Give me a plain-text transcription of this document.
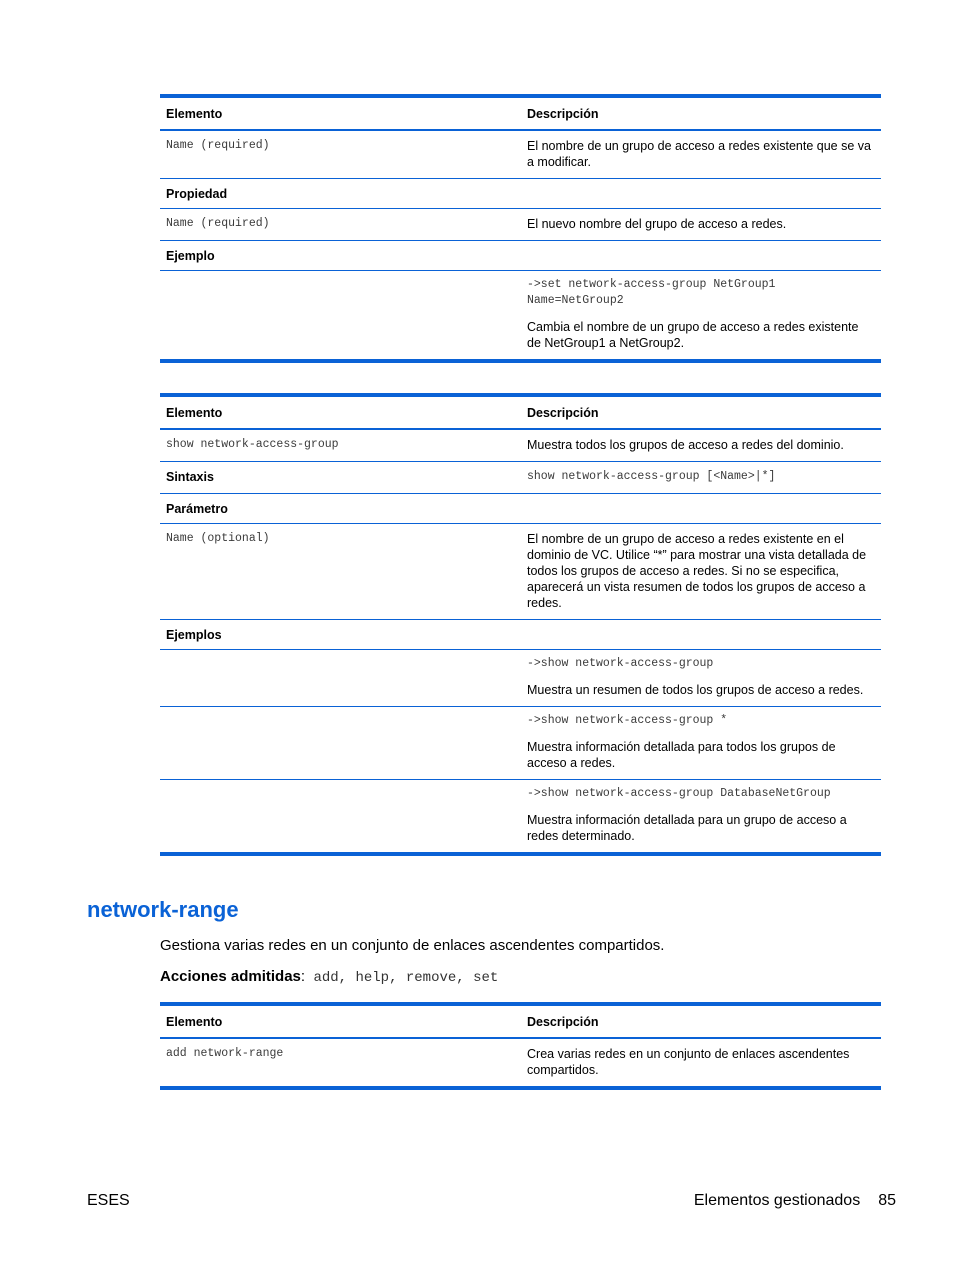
Elemento	Descripción
Name (required)	El nombre de un grupo de acceso a redes existente que se va a modificar.
Propiedad	
Name (required)	El nuevo nombre del grupo de acceso a redes.
Ejemplo	

	->set network-access-group NetGroup1 Name=NetGroup2
Cambia el nombre de un grupo de acceso a redes existente de NetGroup1 a NetGroup2.
Elemento	Descripción
show network-access-group	Muestra todos los grupos de acceso a redes del dominio.
Sintaxis	show network-access-group [<Name>|*]
Parámetro	
Name (optional)	El nombre de un grupo de acceso a redes existente en el dominio de VC. Utilice “*” para mostrar una vista detallada de todos los grupos de acceso a redes. Si no se especifica, aparecerá un vista resumen de todos los grupos de acceso a redes.
Ejemplos	

	->show network-access-group
Muestra un resumen de todos los grupos de acceso a redes.

	->show network-access-group *
Muestra información detallada para todos los grupos de acceso a redes.

	->show network-access-group DatabaseNetGroup
Muestra información detallada para un grupo de acceso a redes determinado.
network-range
Gestiona varias redes en un conjunto de enlaces ascendentes compartidos.
Acciones admitidas: add, help, remove, set
Elemento	Descripción
add network-range	Crea varias redes en un conjunto de enlaces ascendentes compartidos.
ESES	Elementos gestionados 85
